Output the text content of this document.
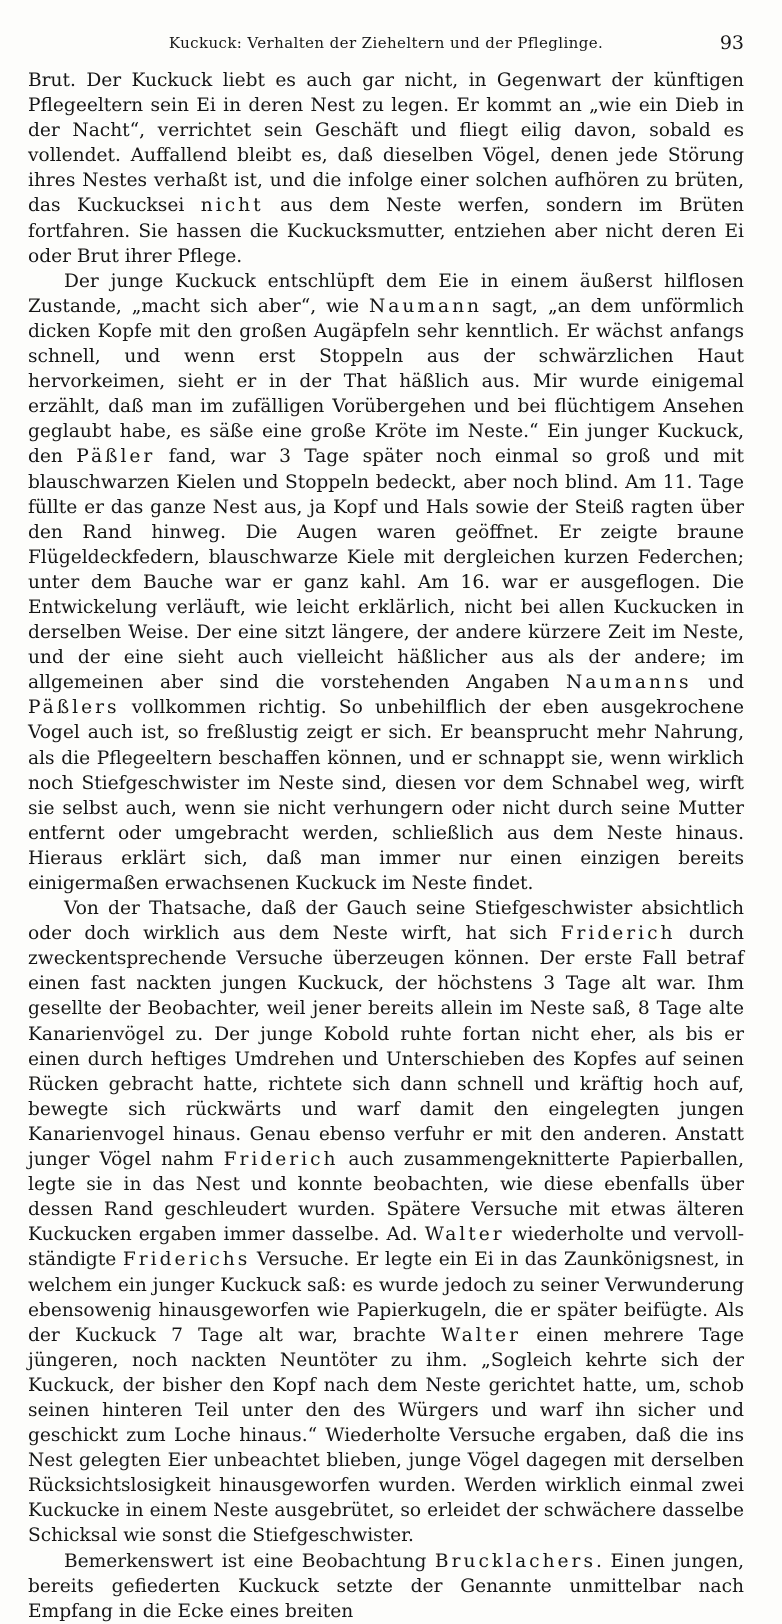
Kuckuck: Verhalten der Zieheltern und der Pfleglinge.	93

Brut. Der Kuckuck liebt es auch gar nicht, in Gegenwart der künftigen Pflegeeltern sein Ei in deren Nest zu legen. Er kommt an „wie ein Dieb in der Nacht“, verrichtet sein Geschäft und fliegt eilig davon, sobald es vollendet. Auffallend bleibt es, daß dieselben Vögel, denen jede Störung ihres Nestes verhaßt ist, und die infolge einer solchen aufhören zu brüten, das Kuckucksei nicht aus dem Neste werfen, sondern im Brüten fortfahren. Sie hassen die Kuckucksmutter, entziehen aber nicht deren Ei oder Brut ihrer Pflege.

Der junge Kuckuck entschlüpft dem Eie in einem äußerst hilflosen Zustande, „macht sich aber“, wie Naumann sagt, „an dem unförmlich dicken Kopfe mit den großen Augäpfeln sehr kenntlich. Er wächst anfangs schnell, und wenn erst Stoppeln aus der schwärzlichen Haut hervorkeimen, sieht er in der That häßlich aus. Mir wurde einigemal erzählt, daß man im zufälligen Vorübergehen und bei flüchtigem Ansehen geglaubt habe, es säße eine große Kröte im Neste.“ Ein junger Kuckuck, den Päßler fand, war 3 Tage später noch einmal so groß und mit blauschwarzen Kielen und Stoppeln bedeckt, aber noch blind. Am 11. Tage füllte er das ganze Nest aus, ja Kopf und Hals sowie der Steiß ragten über den Rand hinweg. Die Augen waren geöffnet. Er zeigte braune Flügeldeckfedern, blauschwarze Kiele mit dergleichen kurzen Federchen; unter dem Bauche war er ganz kahl. Am 16. war er ausgeflogen. Die Entwickelung verläuft, wie leicht erklärlich, nicht bei allen Kuckucken in derselben Weise. Der eine sitzt längere, der andere kürzere Zeit im Neste, und der eine sieht auch vielleicht häßlicher aus als der andere; im allgemeinen aber sind die vorstehenden Angaben Naumanns und Päßlers vollkommen richtig. So unbehilflich der eben ausgekrochene Vogel auch ist, so freßlustig zeigt er sich. Er beansprucht mehr Nahrung, als die Pflegeeltern beschaffen können, und er schnappt sie, wenn wirklich noch Stiefgeschwister im Neste sind, diesen vor dem Schnabel weg, wirft sie selbst auch, wenn sie nicht verhungern oder nicht durch seine Mutter entfernt oder umgebracht werden, schließlich aus dem Neste hinaus. Hieraus erklärt sich, daß man immer nur einen einzigen bereits einigermaßen erwachsenen Kuckuck im Neste findet.

Von der Thatsache, daß der Gauch seine Stiefgeschwister absichtlich oder doch wirklich aus dem Neste wirft, hat sich Friderich durch zweckentsprechende Versuche überzeugen können. Der erste Fall betraf einen fast nackten jungen Kuckuck, der höchstens 3 Tage alt war. Ihm gesellte der Beobachter, weil jener bereits allein im Neste saß, 8 Tage alte Kanarienvögel zu. Der junge Kobold ruhte fortan nicht eher, als bis er einen durch heftiges Umdrehen und Unterschieben des Kopfes auf seinen Rücken gebracht hatte, richtete sich dann schnell und kräftig hoch auf, bewegte sich rückwärts und warf damit den eingelegten jungen Kanarienvogel hinaus. Genau ebenso verfuhr er mit den anderen. Anstatt junger Vögel nahm Friderich auch zusammengeknitterte Papierballen, legte sie in das Nest und konnte beobachten, wie diese ebenfalls über dessen Rand geschleudert wurden. Spätere Versuche mit etwas älteren Kuckucken ergaben immer dasselbe. Ad. Walter wiederholte und vervollständigte Friderichs Versuche. Er legte ein Ei in das Zaunkönigsnest, in welchem ein junger Kuckuck saß: es wurde jedoch zu seiner Verwunderung ebensowenig hinausgeworfen wie Papierkugeln, die er später beifügte. Als der Kuckuck 7 Tage alt war, brachte Walter einen mehrere Tage jüngeren, noch nackten Neuntöter zu ihm. „Sogleich kehrte sich der Kuckuck, der bisher den Kopf nach dem Neste gerichtet hatte, um, schob seinen hinteren Teil unter den des Würgers und warf ihn sicher und geschickt zum Loche hinaus.“ Wiederholte Versuche ergaben, daß die ins Nest gelegten Eier unbeachtet blieben, junge Vögel dagegen mit derselben Rücksichtslosigkeit hinausgeworfen wurden. Werden wirklich einmal zwei Kuckucke in einem Neste ausgebrütet, so erleidet der schwächere dasselbe Schicksal wie sonst die Stiefgeschwister.

Bemerkenswert ist eine Beobachtung Brucklachers. Einen jungen, bereits gefiederten Kuckuck setzte der Genannte unmittelbar nach Empfang in die Ecke eines breiten
